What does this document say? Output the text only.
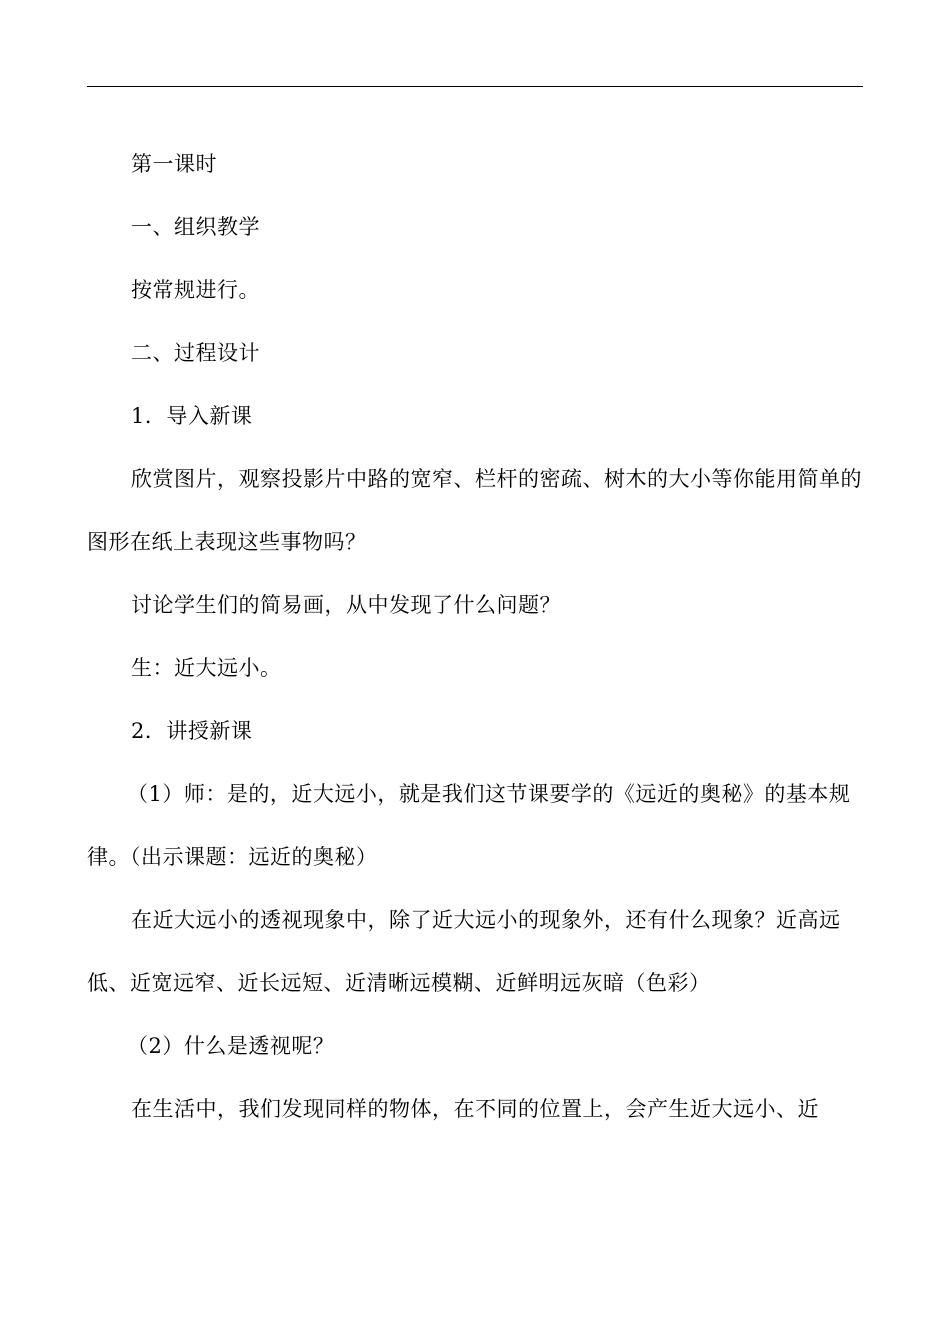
第一课时

一、组织教学

按常规进行。

二、过程设计

1．导入新课

欣赏图片，观察投影片中路的宽窄、栏杆的密疏、树木的大小等你能用简单的图形在纸上表现这些事物吗？

讨论学生们的简易画，从中发现了什么问题？

生：近大远小。

2．讲授新课

（1）师：是的，近大远小，就是我们这节课要学的《远近的奥秘》的基本规律。（出示课题：远近的奥秘）

在近大远小的透视现象中，除了近大远小的现象外，还有什么现象？近高远低、近宽远窄、近长远短、近清晰远模糊、近鲜明远灰暗（色彩）

（2）什么是透视呢？

在生活中，我们发现同样的物体，在不同的位置上，会产生近大远小、近
